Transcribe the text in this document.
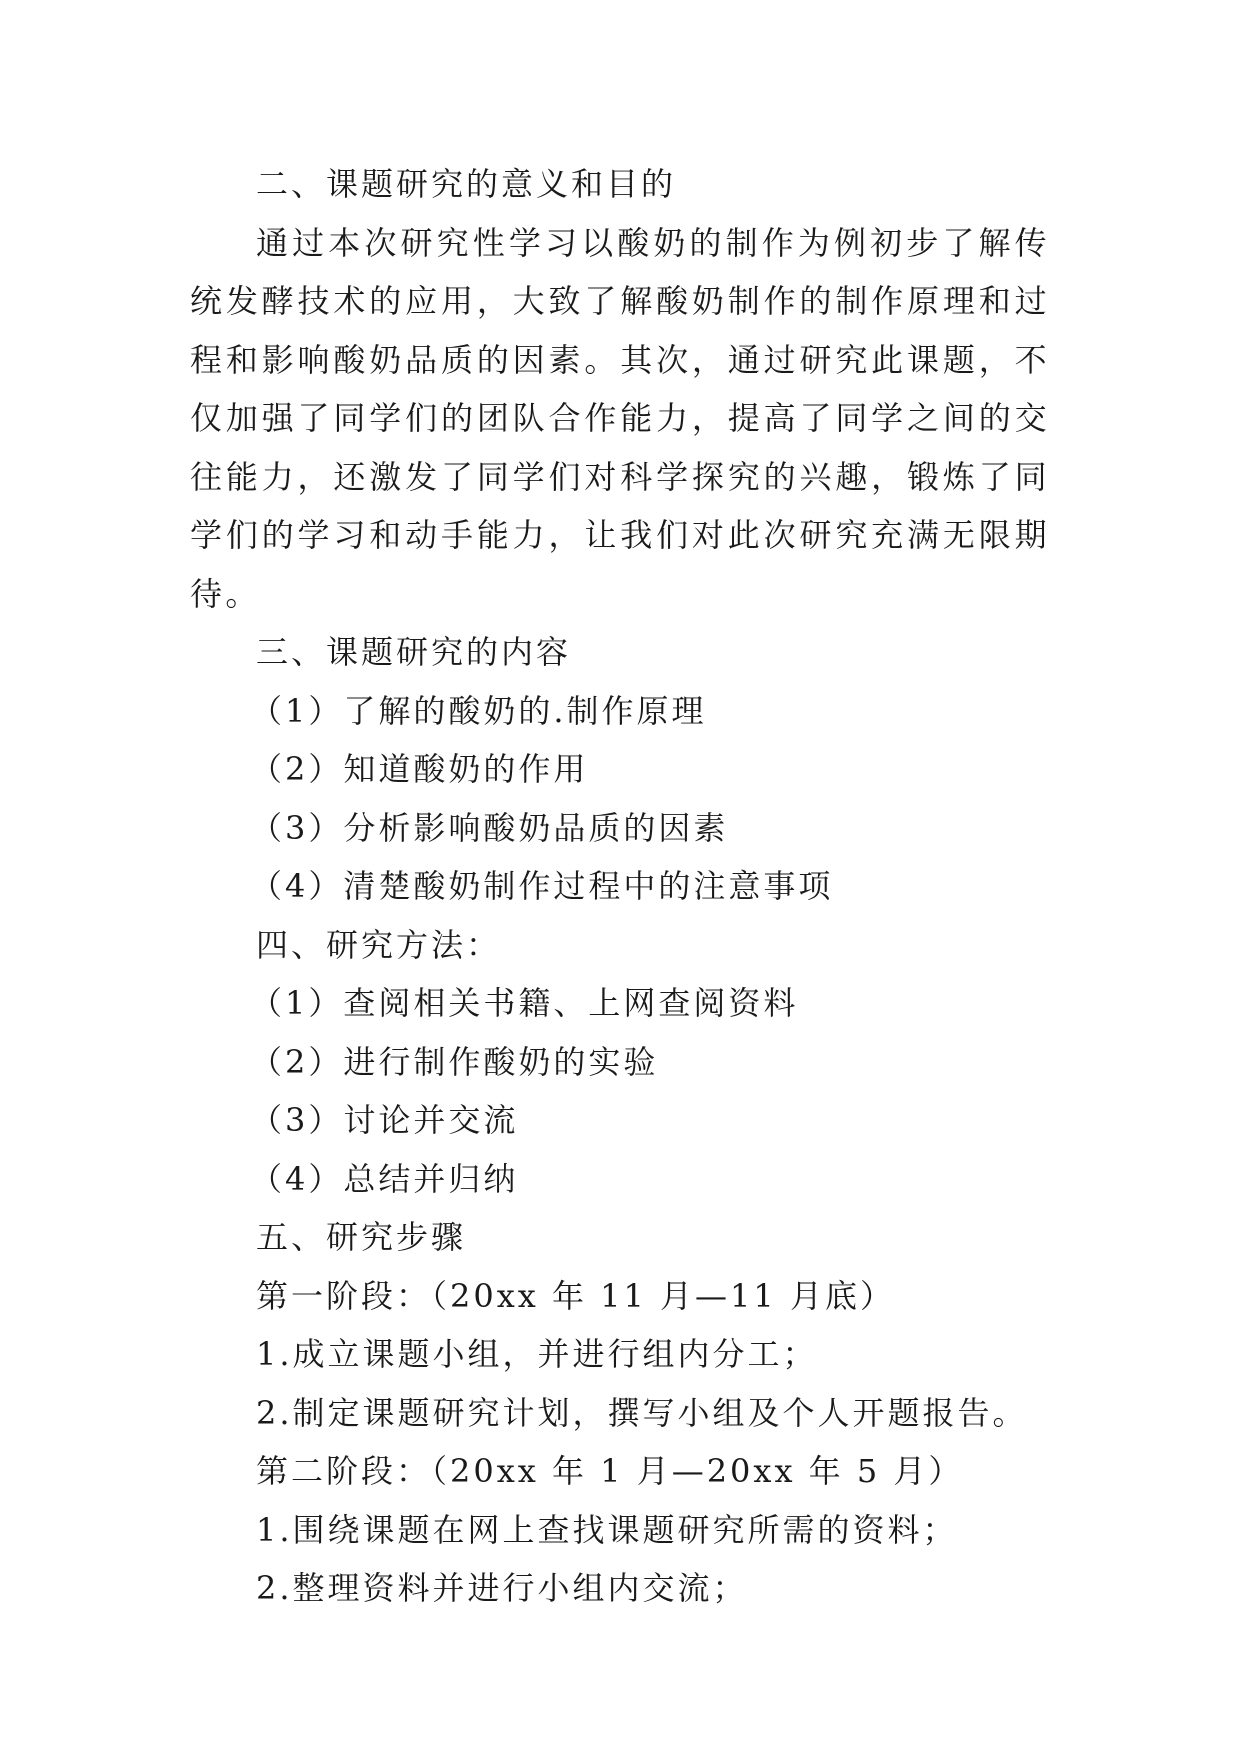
二、课题研究的意义和目的
通过本次研究性学习以酸奶的制作为例初步了解传统发酵技术的应用，大致了解酸奶制作的制作原理和过程和影响酸奶品质的因素。其次，通过研究此课题，不仅加强了同学们的团队合作能力，提高了同学之间的交往能力，还激发了同学们对科学探究的兴趣，锻炼了同学们的学习和动手能力，让我们对此次研究充满无限期待。
三、课题研究的内容
（1）了解的酸奶的.制作原理
（2）知道酸奶的作用
（3）分析影响酸奶品质的因素
（4）清楚酸奶制作过程中的注意事项
四、研究方法：
（1）查阅相关书籍、上网查阅资料
（2）进行制作酸奶的实验
（3）讨论并交流
（4）总结并归纳
五、研究步骤
第一阶段：（20xx 年 11 月—11 月底）
1.成立课题小组，并进行组内分工；
2.制定课题研究计划，撰写小组及个人开题报告。
第二阶段：（20xx 年 1 月—20xx 年 5 月）
1.围绕课题在网上查找课题研究所需的资料；
2.整理资料并进行小组内交流；
